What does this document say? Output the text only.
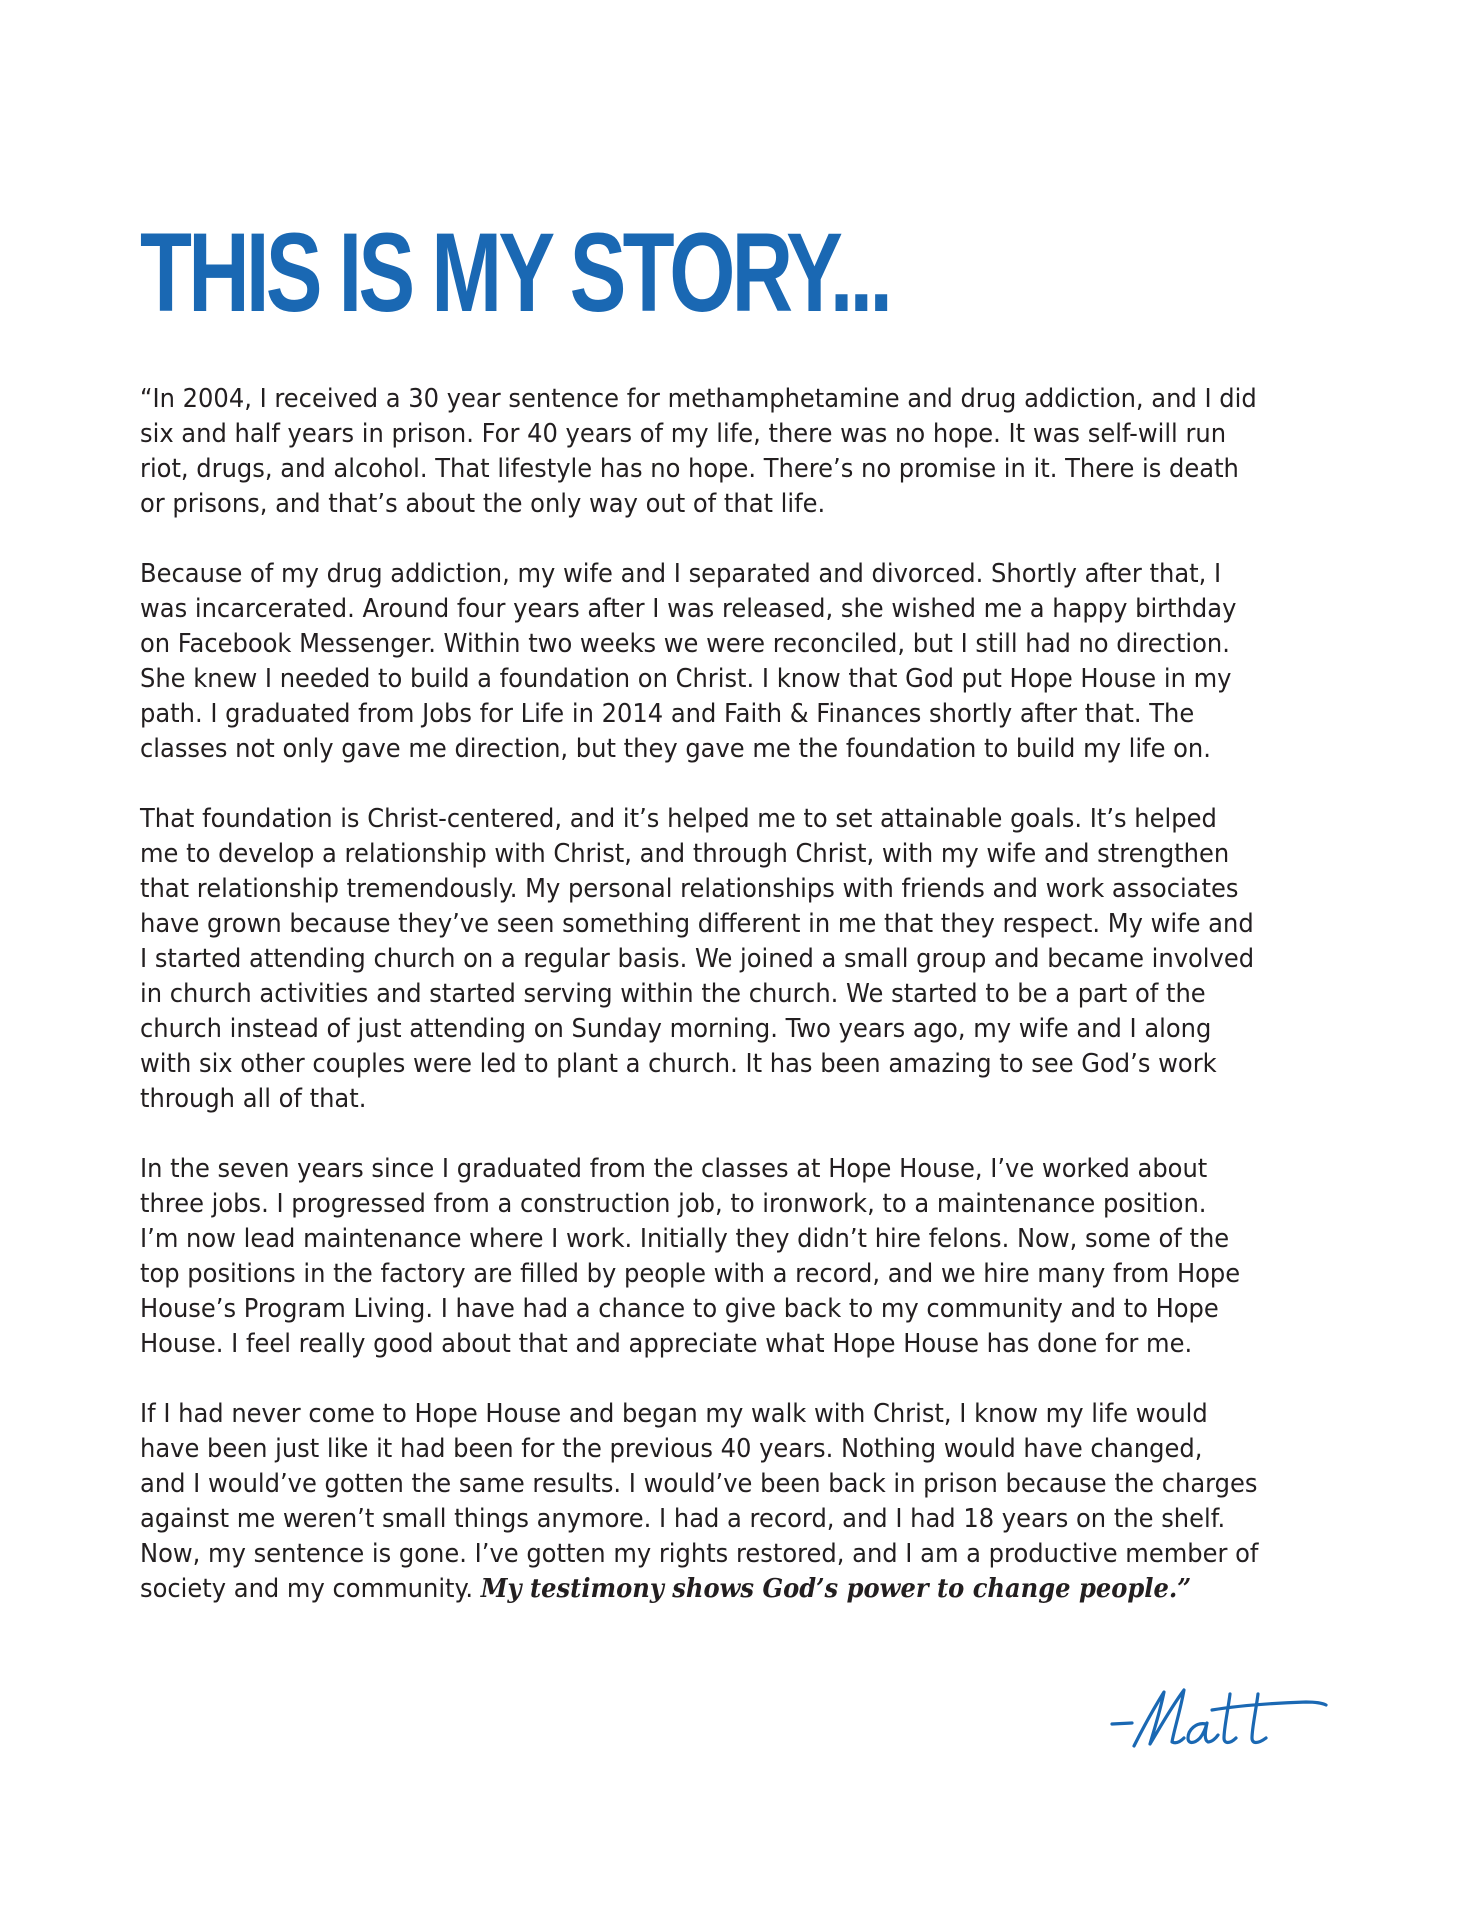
THIS IS MY STORY...

“In 2004, I received a 30 year sentence for methamphetamine and drug addiction, and I did
six and half years in prison. For 40 years of my life, there was no hope. It was self-will run
riot, drugs, and alcohol. That lifestyle has no hope. There’s no promise in it. There is death
or prisons, and that’s about the only way out of that life.

Because of my drug addiction, my wife and I separated and divorced. Shortly after that, I
was incarcerated. Around four years after I was released, she wished me a happy birthday
on Facebook Messenger. Within two weeks we were reconciled, but I still had no direction.
She knew I needed to build a foundation on Christ. I know that God put Hope House in my
path. I graduated from Jobs for Life in 2014 and Faith & Finances shortly after that. The
classes not only gave me direction, but they gave me the foundation to build my life on.

That foundation is Christ-centered, and it’s helped me to set attainable goals. It’s helped
me to develop a relationship with Christ, and through Christ, with my wife and strengthen
that relationship tremendously. My personal relationships with friends and work associates
have grown because they’ve seen something different in me that they respect. My wife and
I started attending church on a regular basis. We joined a small group and became involved
in church activities and started serving within the church. We started to be a part of the
church instead of just attending on Sunday morning. Two years ago, my wife and I along
with six other couples were led to plant a church. It has been amazing to see God’s work
through all of that.

In the seven years since I graduated from the classes at Hope House, I’ve worked about
three jobs. I progressed from a construction job, to ironwork, to a maintenance position.
I’m now lead maintenance where I work. Initially they didn’t hire felons. Now, some of the
top positions in the factory are filled by people with a record, and we hire many from Hope
House’s Program Living. I have had a chance to give back to my community and to Hope
House. I feel really good about that and appreciate what Hope House has done for me.

If I had never come to Hope House and began my walk with Christ, I know my life would
have been just like it had been for the previous 40 years. Nothing would have changed,
and I would’ve gotten the same results. I would’ve been back in prison because the charges
against me weren’t small things anymore. I had a record, and I had 18 years on the shelf.
Now, my sentence is gone. I’ve gotten my rights restored, and I am a productive member of
society and my community. My testimony shows God’s power to change people.”
